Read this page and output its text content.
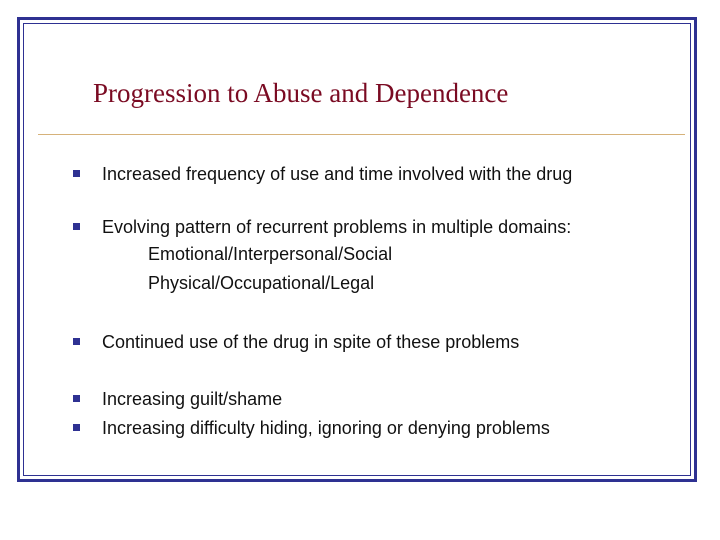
Progression to Abuse and Dependence
Increased frequency of use and time involved with the drug
Evolving pattern of recurrent problems in multiple domains:
Emotional/Interpersonal/Social
Physical/Occupational/Legal
Continued use of the drug in spite of these problems
Increasing guilt/shame
Increasing difficulty hiding, ignoring or denying problems
